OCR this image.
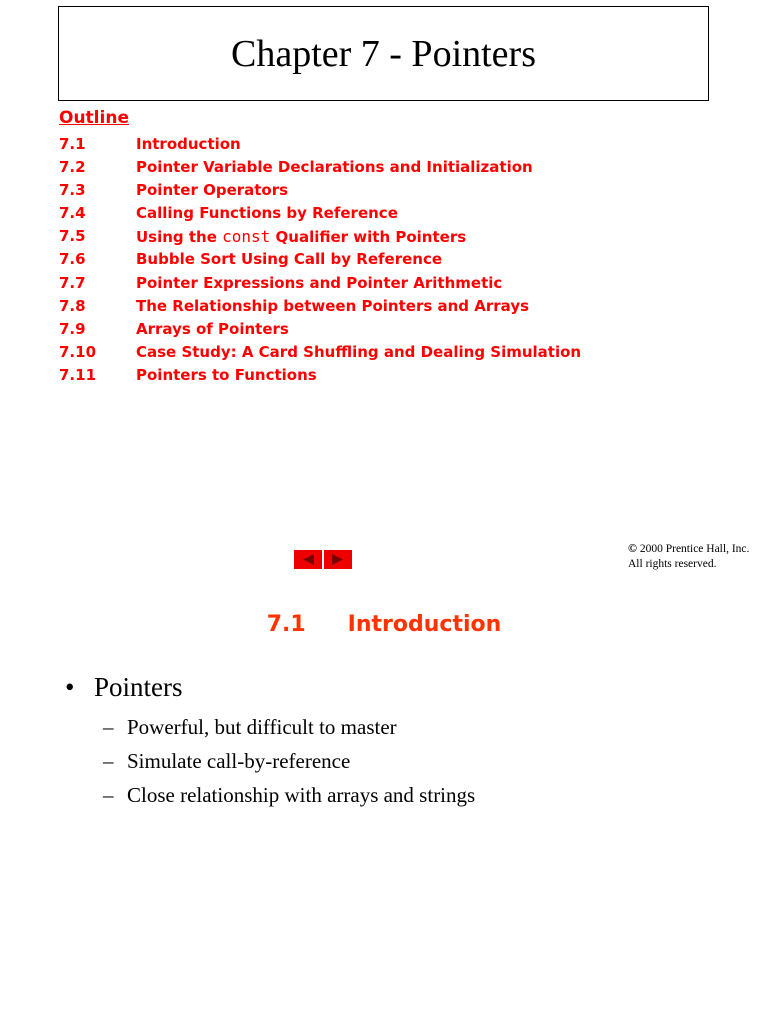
Chapter 7 - Pointers
Outline
7.1	Introduction
7.2	Pointer Variable Declarations and Initialization
7.3	Pointer Operators
7.4	Calling Functions by Reference
7.5	Using the const Qualifier with Pointers
7.6	Bubble Sort Using Call by Reference
7.7	Pointer Expressions and Pointer Arithmetic
7.8	The Relationship between Pointers and Arrays
7.9	Arrays of Pointers
7.10	Case Study: A Card Shuffling and Dealing Simulation
7.11	Pointers to Functions
© 2000 Prentice Hall, Inc.
All rights reserved.
7.1 Introduction
• Pointers
– Powerful, but difficult to master
– Simulate call-by-reference
– Close relationship with arrays and strings
